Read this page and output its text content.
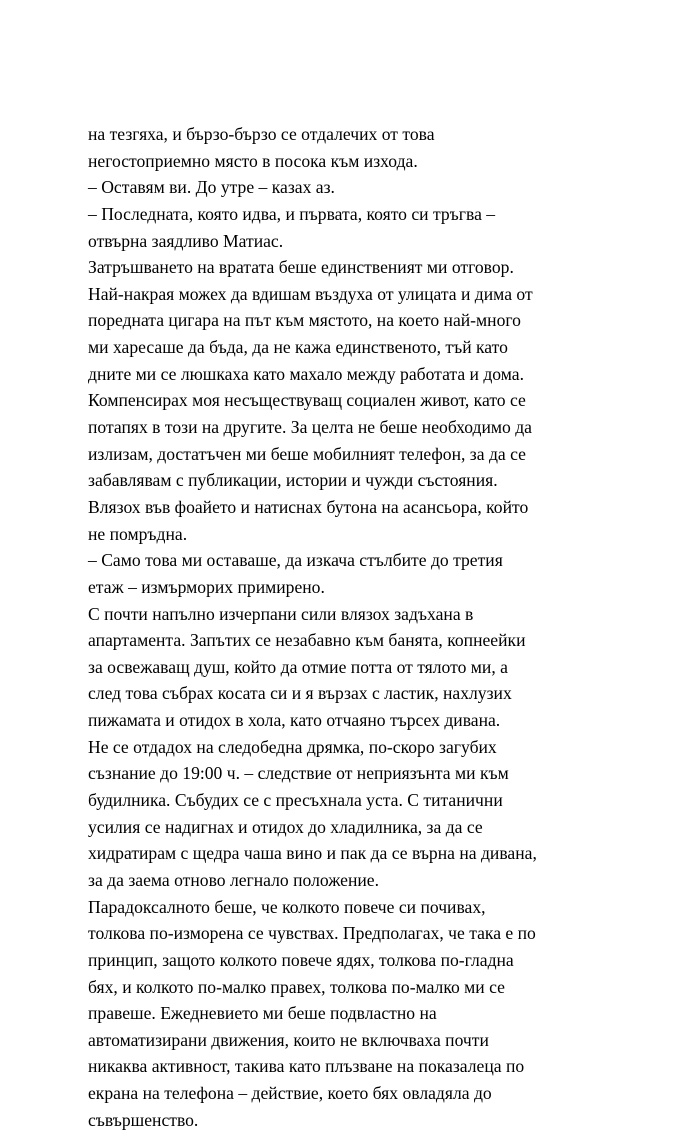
на тезгяха, и бързо-бързо се отдалечих от това
негостоприемно място в посока към изхода.
– Оставям ви. До утре – казах аз.
– Последната, която идва, и първата, която си тръгва –
отвърна заядливо Матиас.
Затръшването на вратата беше единственият ми отговор.
Най-накрая можех да вдишам въздуха от улицата и дима от
поредната цигара на път към мястото, на което най-много
ми харесаше да бъда, да не кажа единственото, тъй като
дните ми се люшкаха като махало между работата и дома.
Компенсирах моя несъществуващ социален живот, като се
потапях в този на другите. За целта не беше необходимо да
излизам, достатъчен ми беше мобилният телефон, за да се
забавлявам с публикации, истории и чужди състояния.
Влязох във фоайето и натиснах бутона на асансьора, който
не помръдна.
– Само това ми оставаше, да изкача стълбите до третия
етаж – измърморих примирено.
С почти напълно изчерпани сили влязох задъхана в
апартамента. Запътих се незабавно към банята, копнеейки
за освежаващ душ, който да отмие потта от тялото ми, а
след това събрах косата си и я вързах с ластик, нахлузих
пижамата и отидох в хола, като отчаяно търсех дивана.
Не се отдадох на следобедна дрямка, по-скоро загубих
съзнание до 19:00 ч. – следствие от неприязънта ми към
будилника. Събудих се с пресъхнала уста. С титанични
усилия се надигнах и отидох до хладилника, за да се
хидратирам с щедра чаша вино и пак да се върна на дивана,
за да заема отново легнало положение.
Парадоксалното беше, че колкото повече си почивах,
толкова по-изморена се чувствах. Предполагах, че така е по
принцип, защото колкото повече ядях, толкова по-гладна
бях, и колкото по-малко правех, толкова по-малко ми се
правеше. Ежедневието ми беше подвластно на
автоматизирани движения, които не включваха почти
никаква активност, такива като плъзване на показалеца по
екрана на телефона – действие, което бях овладяла до
съвършенство.
